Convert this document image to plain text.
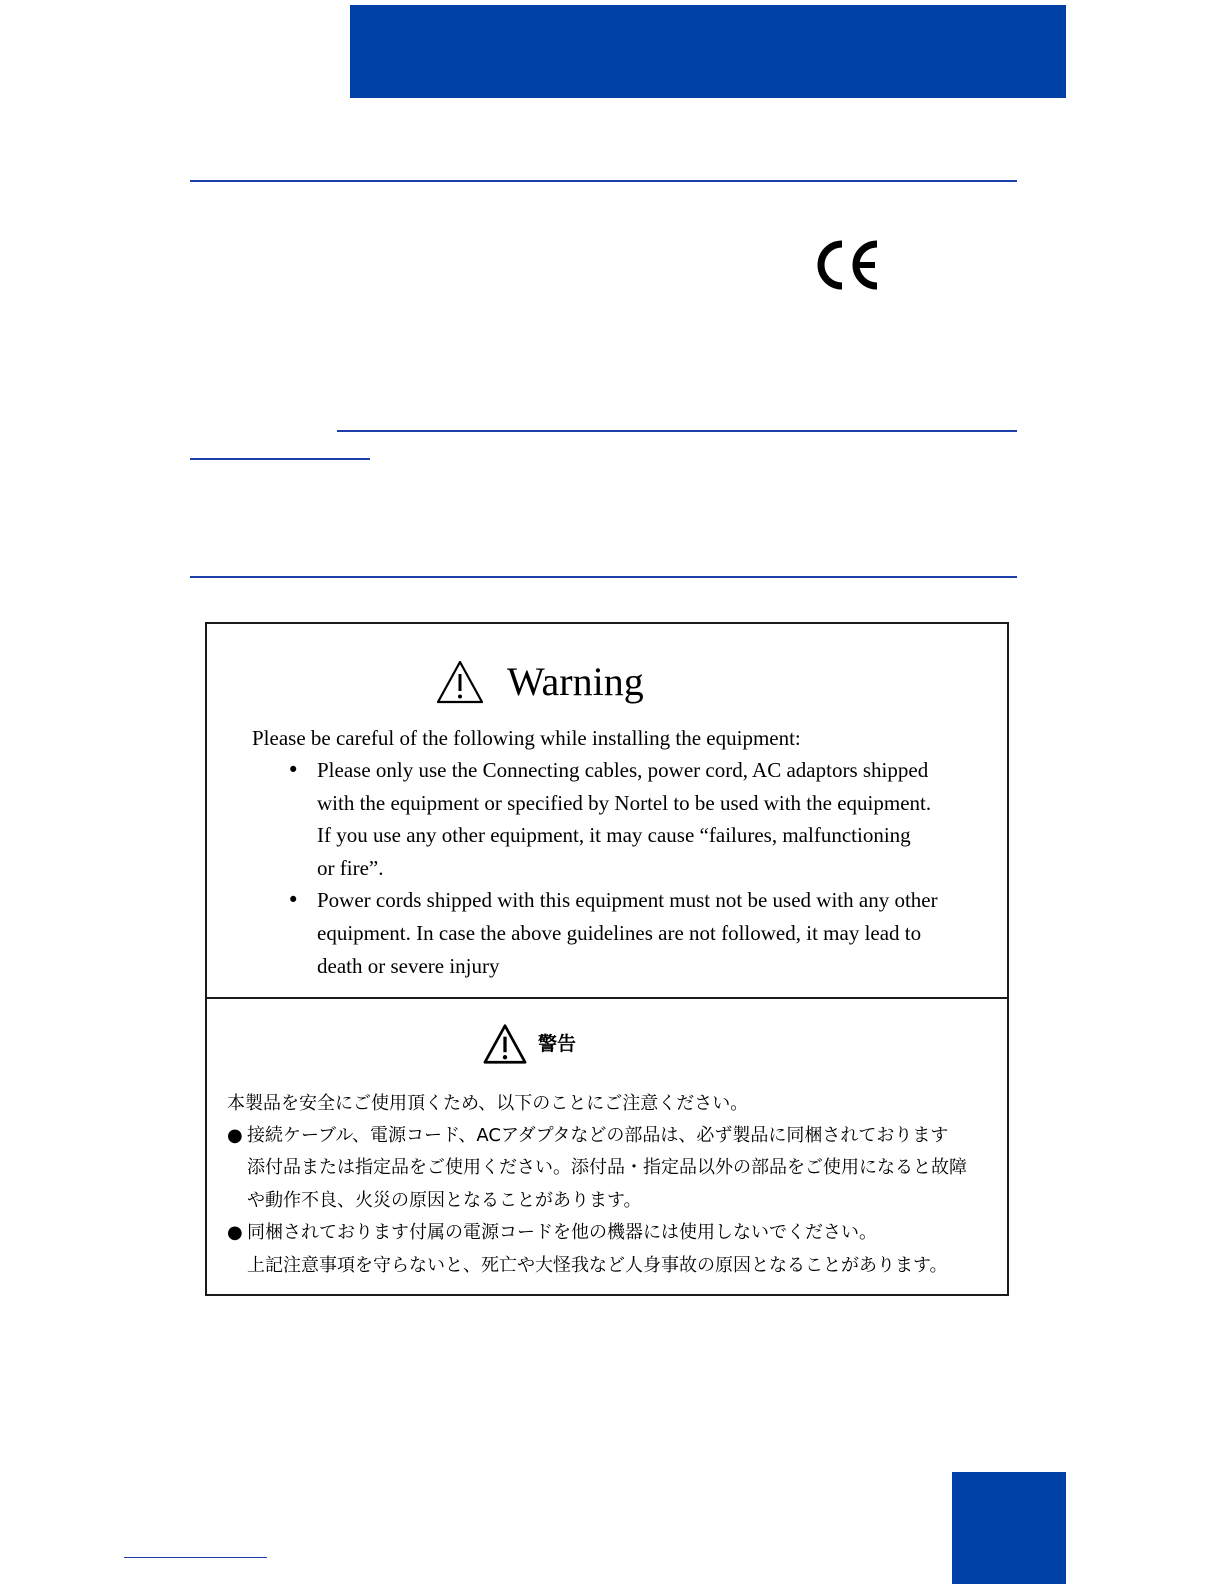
Warning

Please be careful of the following while installing the equipment:

• Please only use the Connecting cables, power cord, AC adaptors shipped
with the equipment or specified by Nortel to be used with the equipment.
If you use any other equipment, it may cause “failures, malfunctioning
or fire”.
• Power cords shipped with this equipment must not be used with any other
equipment. In case the above guidelines are not followed, it may lead to
death or severe injury
警告

本製品を安全にご使用頂くため、以下のことにご注意ください。

● 接続ケーブル、電源コード、ACアダプタなどの部品は、必ず製品に同梱されております
添付品または指定品をご使用ください。添付品・指定品以外の部品をご使用になると故障
や動作不良、火災の原因となることがあります。
● 同梱されております付属の電源コードを他の機器には使用しないでください。
上記注意事項を守らないと、死亡や大怪我など人身事故の原因となることがあります。
